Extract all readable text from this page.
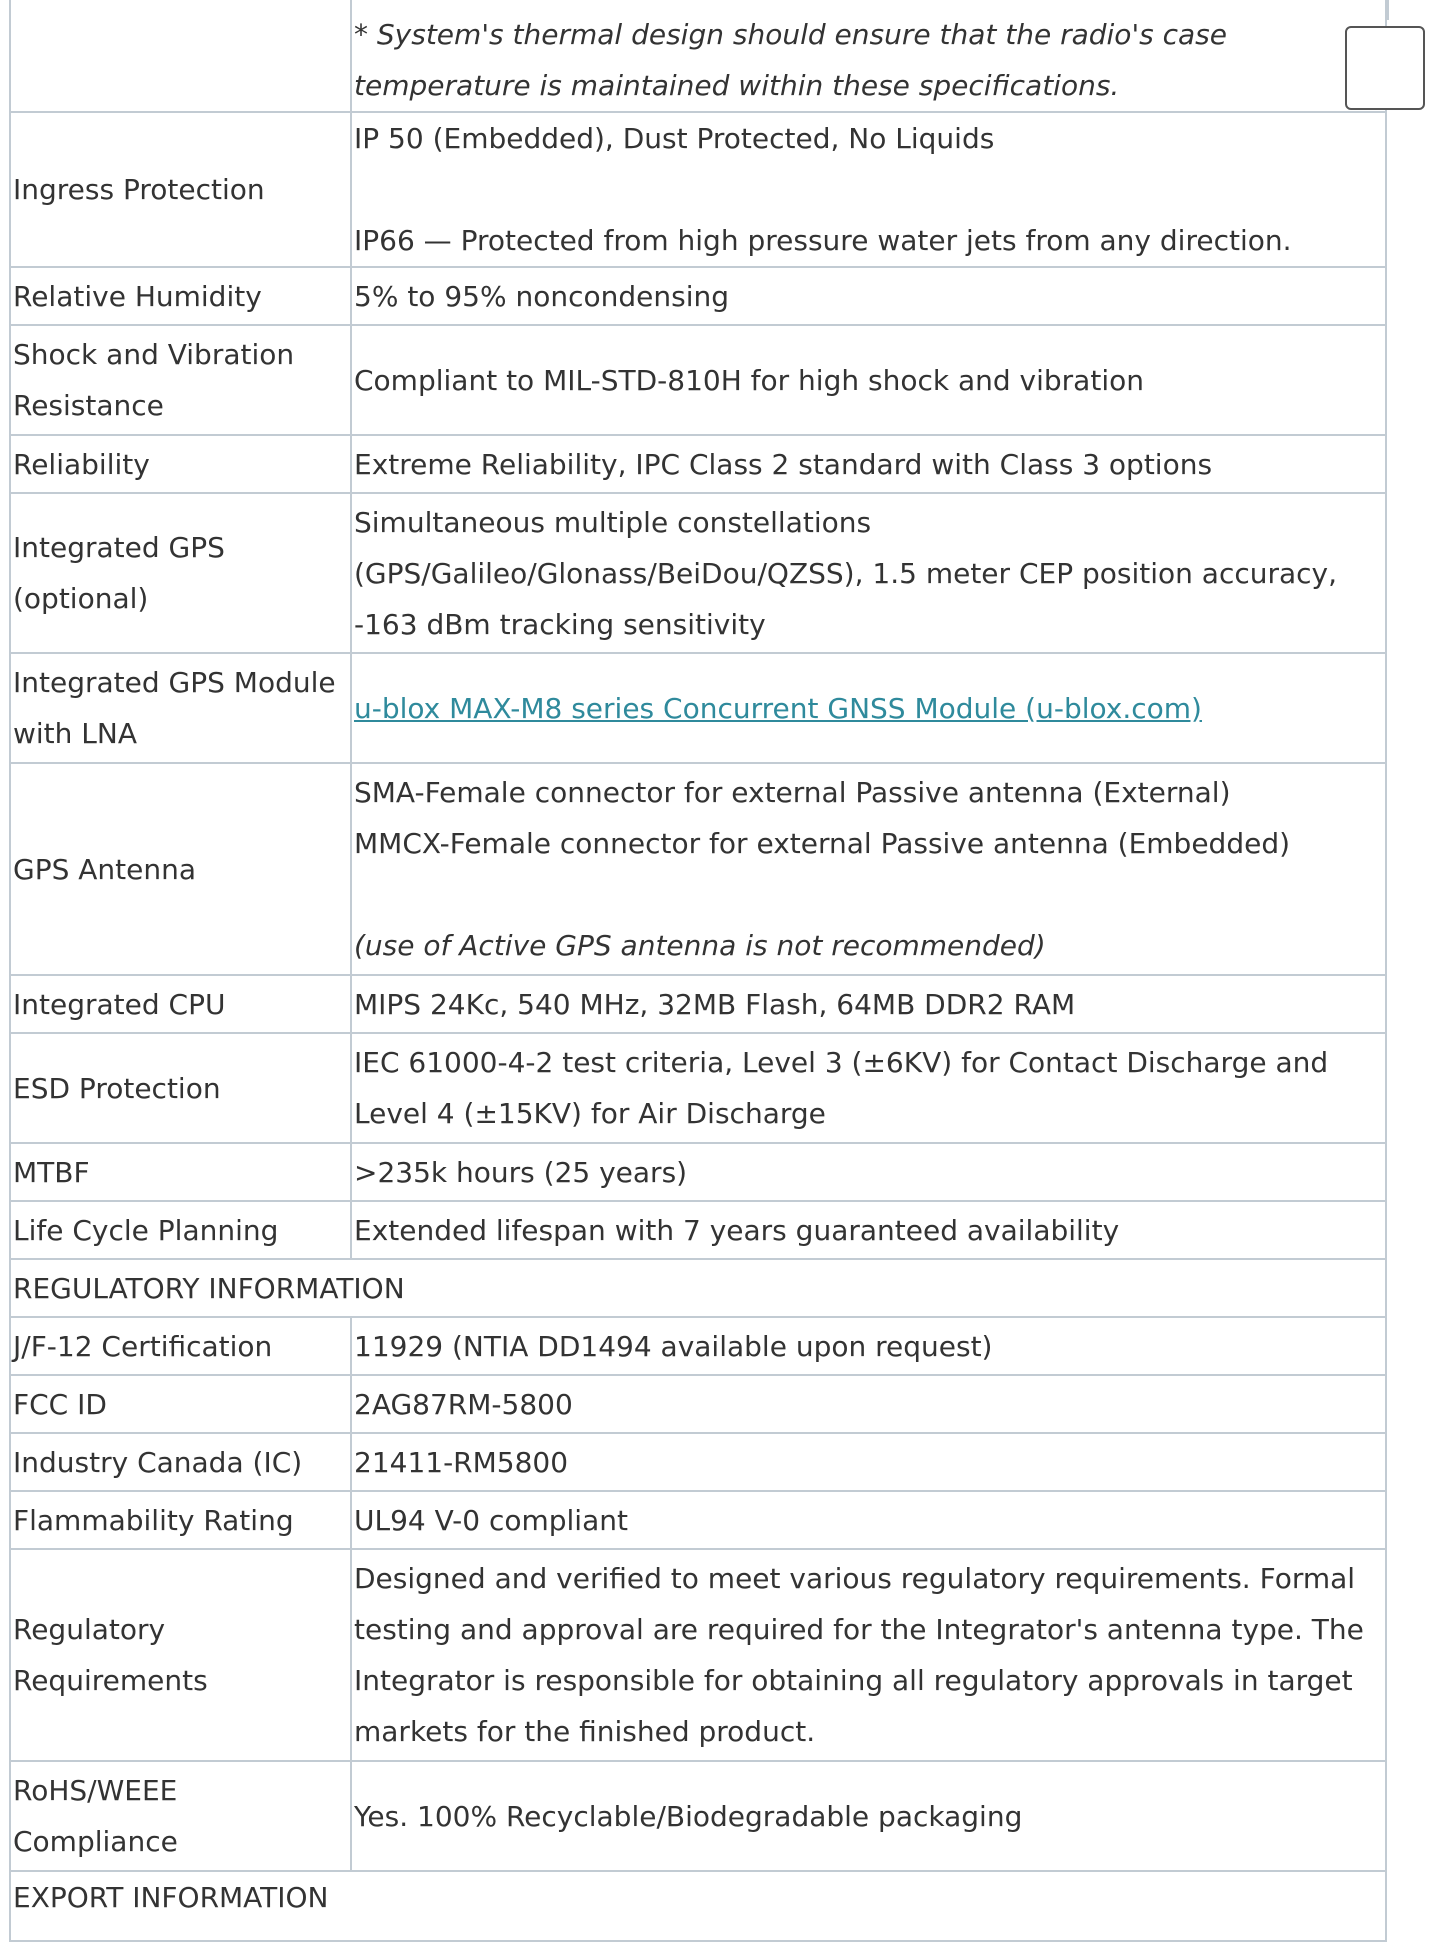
	* System's thermal design should ensure that the radio's case
temperature is maintained within these specifications.

Ingress Protection	IP 50 (Embedded), Dust Protected, No Liquids
IP66 — Protected from high pressure water jets from any direction.

Relative Humidity	5% to 95% noncondensing
Shock and Vibration Resistance	Compliant to MIL-STD-810H for high shock and vibration
Reliability	Extreme Reliability, IPC Class 2 standard with Class 3 options
Integrated GPS (optional)	Simultaneous multiple constellations (GPS/Galileo/Glonass/BeiDou/QZSS), 1.5 meter CEP position accuracy, -163 dBm tracking sensitivity
Integrated GPS Module with LNA	u-blox MAX-M8 series Concurrent GNSS Module (u-blox.com)
GPS Antenna	SMA-Female connector for external Passive antenna (External)
MMCX-Female connector for external Passive antenna (Embedded)
(use of Active GPS antenna is not recommended)

Integrated CPU	MIPS 24Kc, 540 MHz, 32MB Flash, 64MB DDR2 RAM
ESD Protection	IEC 61000-4-2 test criteria, Level 3 (±6KV) for Contact Discharge and Level 4 (±15KV) for Air Discharge
MTBF	>235k hours (25 years)
Life Cycle Planning	Extended lifespan with 7 years guaranteed availability
REGULATORY INFORMATION	
J/F-12 Certification	11929 (NTIA DD1494 available upon request)
FCC ID	2AG87RM-5800
Industry Canada (IC)	21411-RM5800
Flammability Rating	UL94 V-0 compliant
Regulatory Requirements	Designed and verified to meet various regulatory requirements. Formal testing and approval are required for the Integrator's antenna type. The Integrator is responsible for obtaining all regulatory approvals in target markets for the finished product.
RoHS/WEEE Compliance	Yes. 100% Recyclable/Biodegradable packaging
EXPORT INFORMATION	
